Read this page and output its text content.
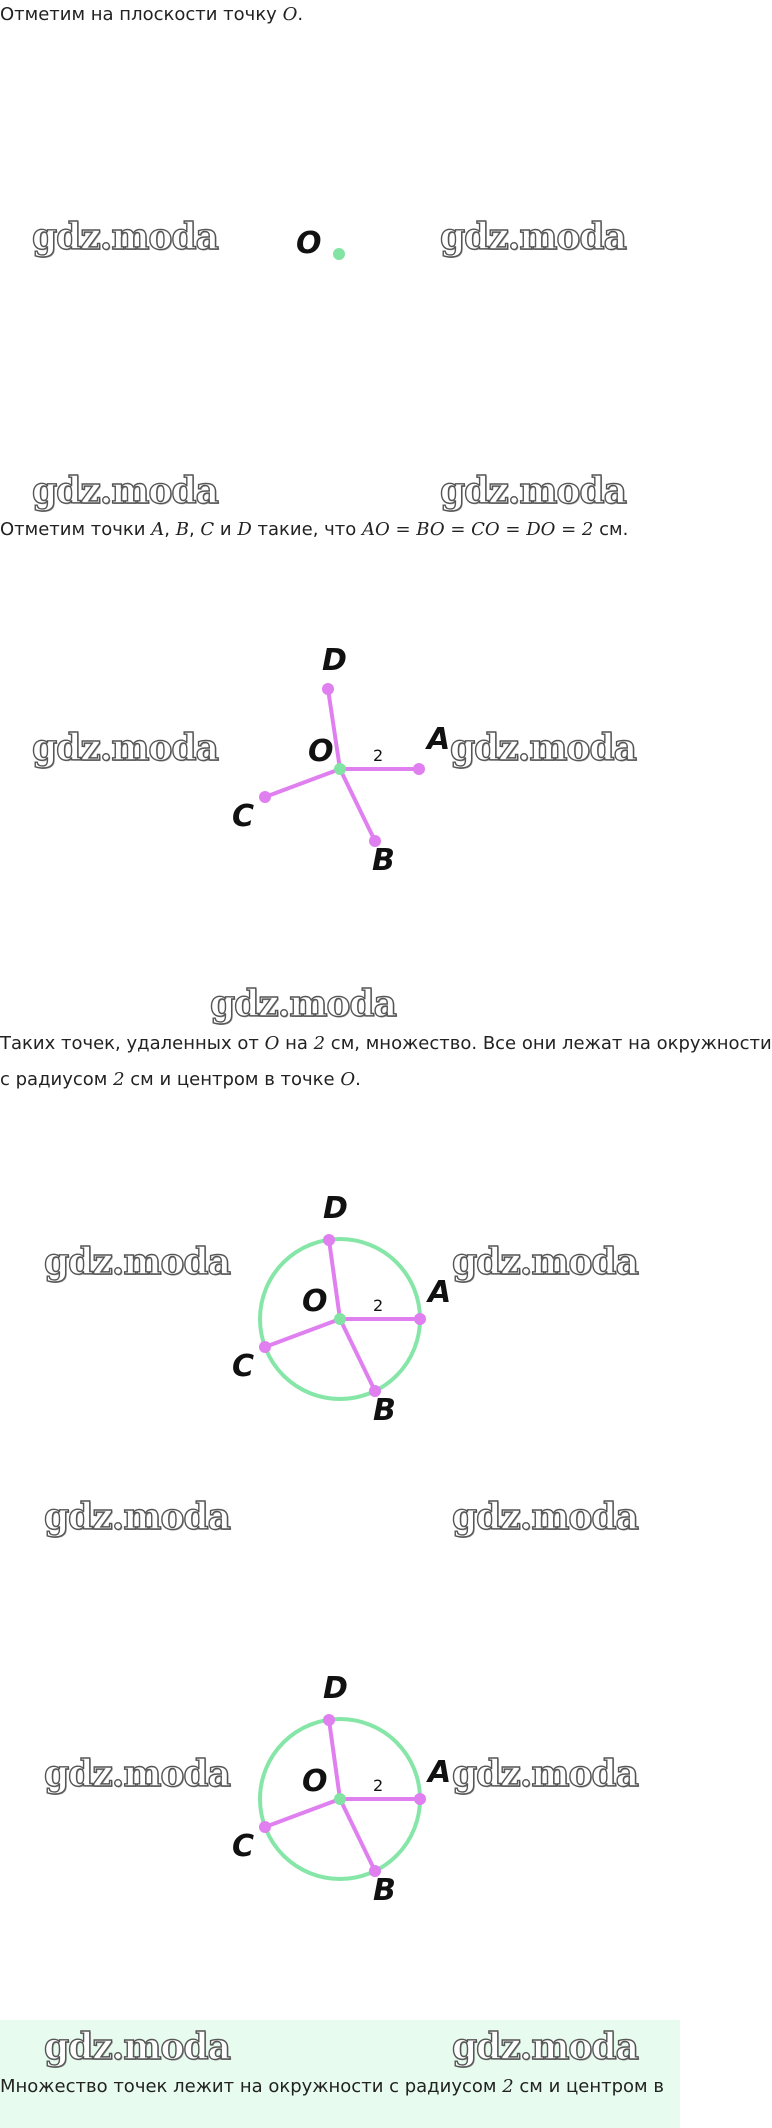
Отметим на плоскости точку O.
gdz.moda	gdz.moda
O
gdz.moda	gdz.moda
Отметим точки A, B, C и D такие, что AO = BO = CO = DO = 2 см.
gdz.moda	gdz.moda
O	A
D
C
B
2
gdz.moda
Таких точек, удаленных от O на 2 см, множество. Все они лежат на окружности
с радиусом 2 см и центром в точке O.
gdz.moda	gdz.moda
O	A
D
C
B
2
gdz.moda	gdz.moda
gdz.moda	gdz.moda
O	A
D
C
B
2
gdz.moda	gdz.moda
Множество точек лежит на окружности с радиусом 2 см и центром в
